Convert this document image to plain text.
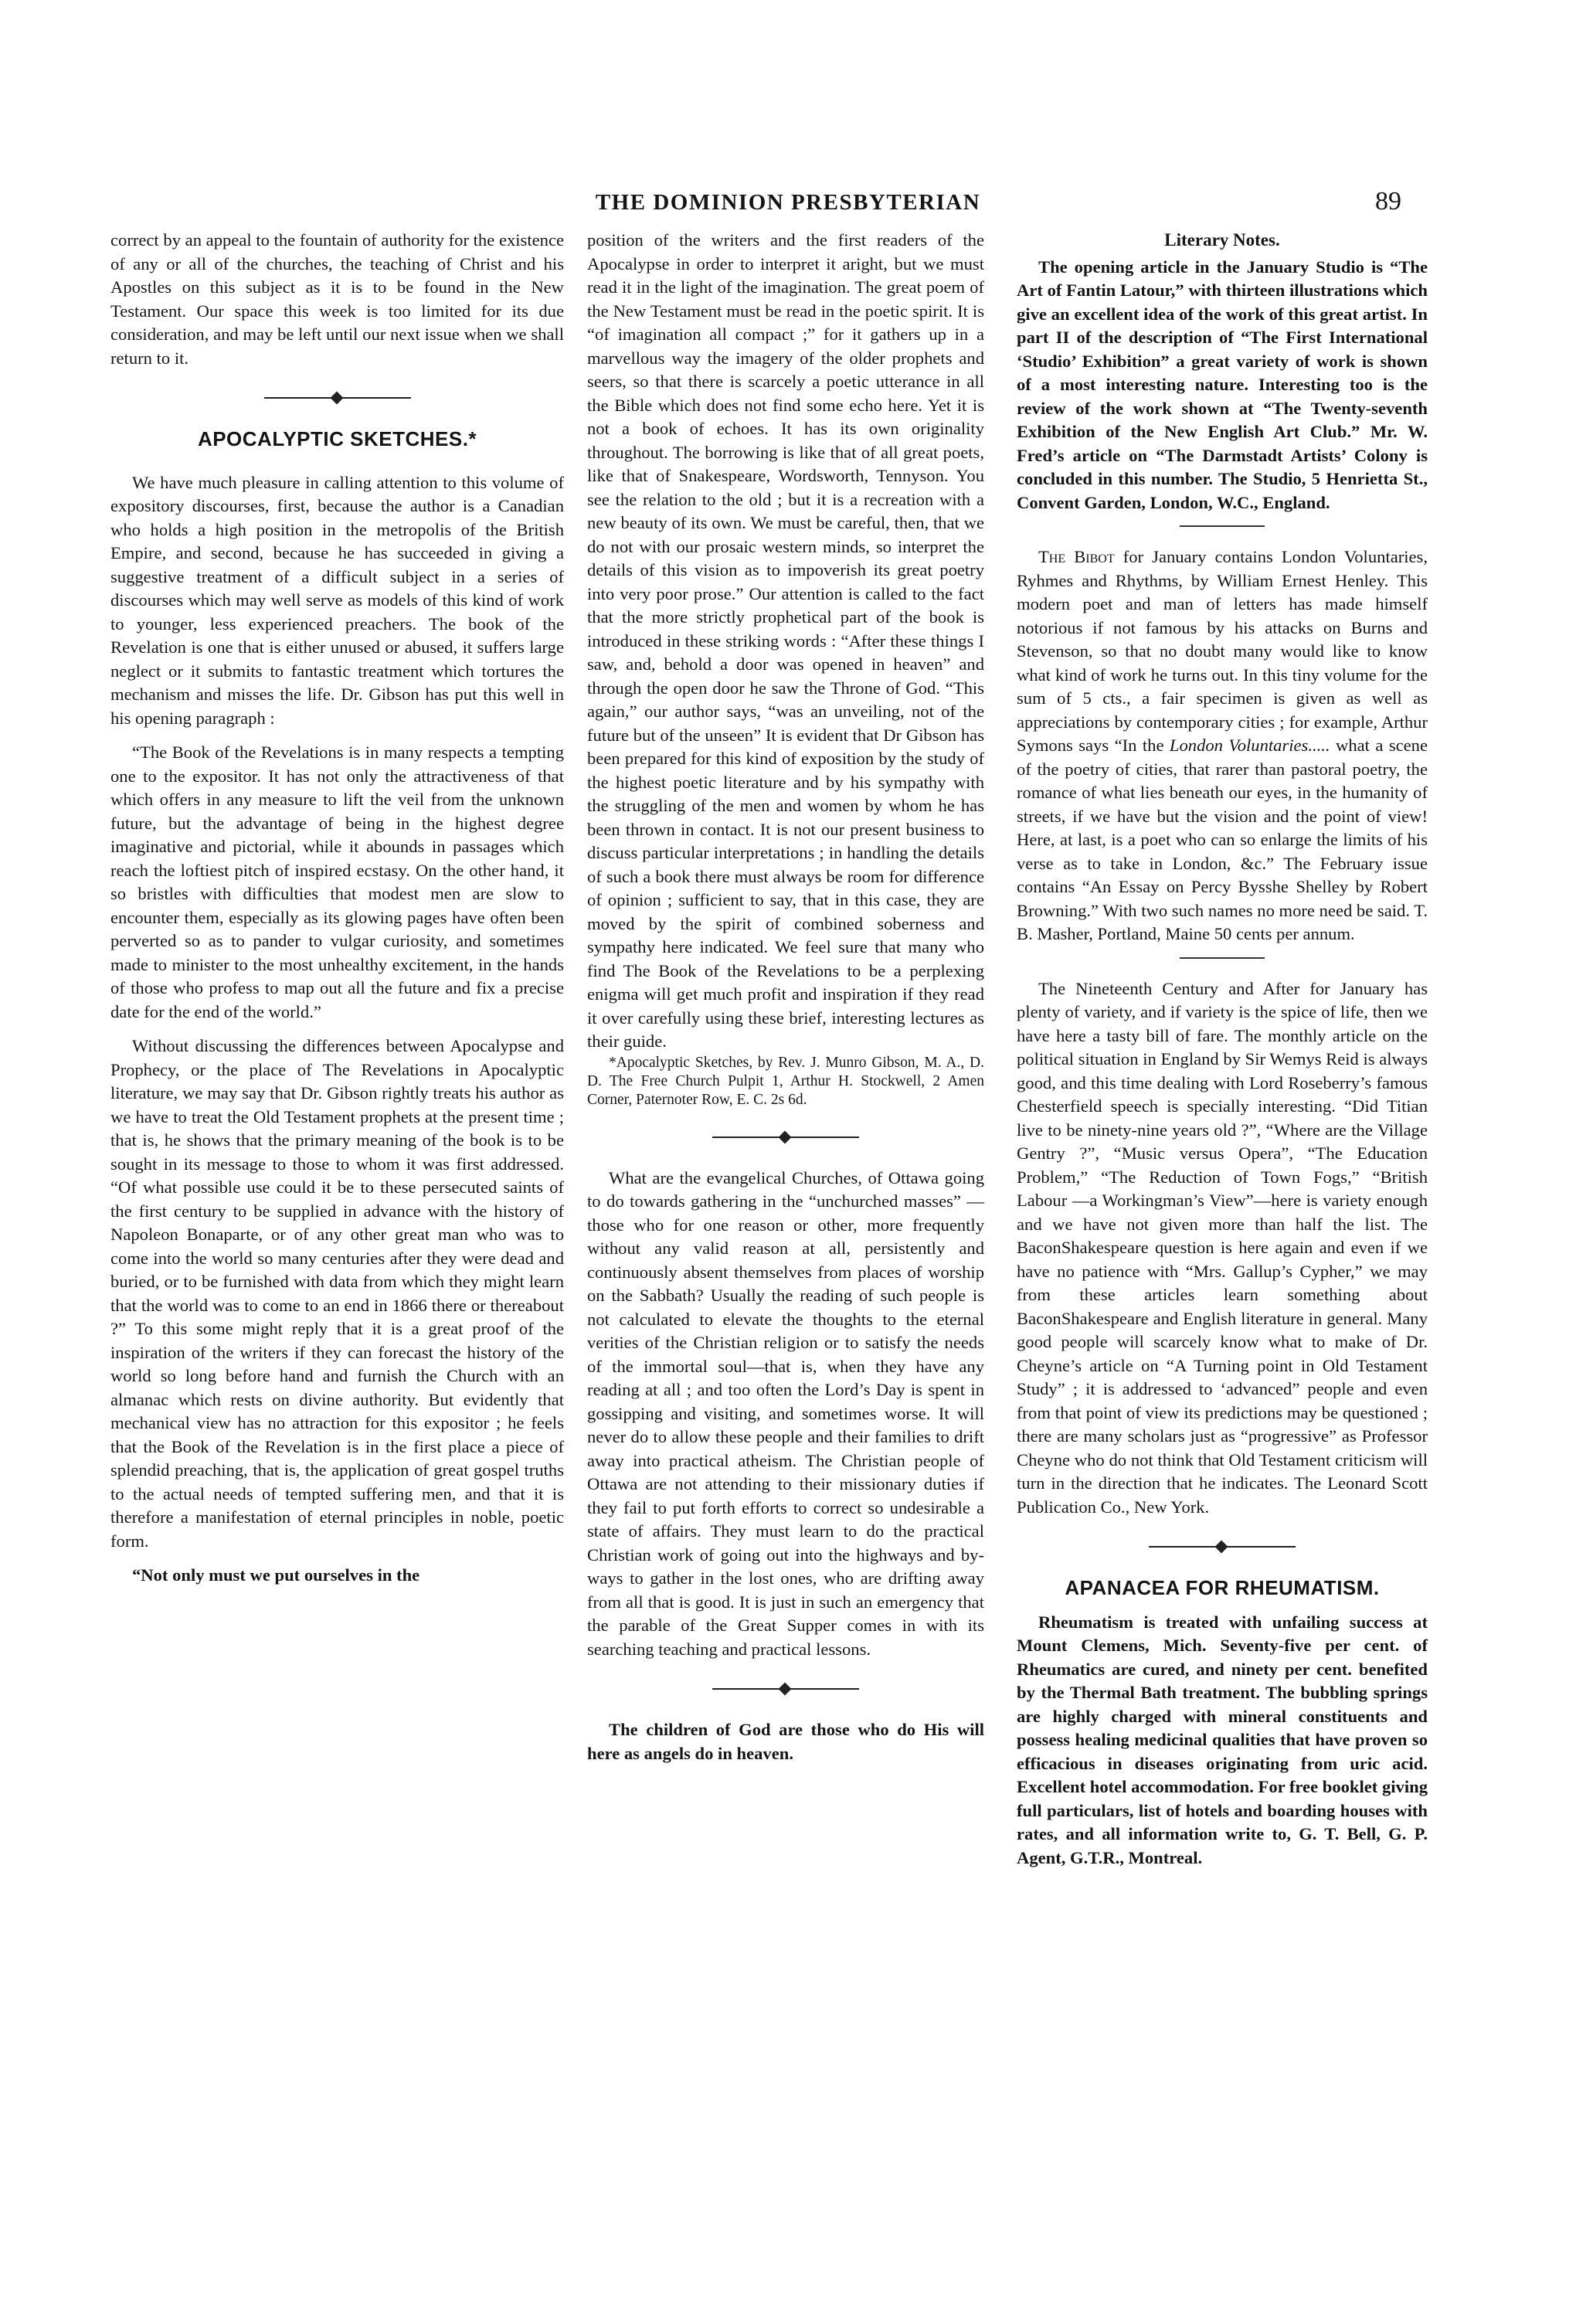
THE DOMINION PRESBYTERIAN	89

correct by an appeal to the fountain of authority for the existence of any or all of the churches, the teaching of Christ and his Apostles on this subject as it is to be found in the New Testament. Our space this week is too limited for its due consideration, and may be left until our next issue when we shall return to it.

APOCALYPTIC SKETCHES.*

We have much pleasure in calling attention to this volume of expository discourses, first, because the author is a Canadian who holds a high position in the metropolis of the British Empire, and second, because he has succeeded in giving a suggestive treatment of a difficult subject in a series of discourses which may well serve as models of this kind of work to younger, less experienced preachers. The book of the Revelation is one that is either unused or abused, it suffers large neglect or it submits to fantastic treatment which tortures the mechanism and misses the life. Dr. Gibson has put this well in his opening paragraph :

“The Book of the Revelations is in many respects a tempting one to the expositor. It has not only the attractiveness of that which offers in any measure to lift the veil from the unknown future, but the advantage of being in the highest degree imaginative and pictorial, while it abounds in passages which reach the loftiest pitch of inspired ecstasy. On the other hand, it so bristles with difficulties that modest men are slow to encounter them, especially as its glowing pages have often been perverted so as to pander to vulgar curiosity, and sometimes made to minister to the most unhealthy excitement, in the hands of those who profess to map out all the future and fix a precise date for the end of the world.”

Without discussing the differences between Apocalypse and Prophecy, or the place of The Revelations in Apocalyptic literature, we may say that Dr. Gibson rightly treats his author as we have to treat the Old Testament prophets at the present time ; that is, he shows that the primary meaning of the book is to be sought in its message to those to whom it was first addressed. “Of what possible use could it be to these persecuted saints of the first century to be supplied in advance with the history of Napoleon Bonaparte, or of any other great man who was to come into the world so many centuries after they were dead and buried, or to be furnished with data from which they might learn that the world was to come to an end in 1866 there or thereabout ?” To this some might reply that it is a great proof of the inspiration of the writers if they can forecast the history of the world so long before hand and furnish the Church with an almanac which rests on divine authority. But evidently that mechanical view has no attraction for this expositor ; he feels that the Book of the Revelation is in the first place a piece of splendid preaching, that is, the application of great gospel truths to the actual needs of tempted suffering men, and that it is therefore a manifestation of eternal principles in noble, poetic form.

“Not only must we put ourselves in the

position of the writers and the first readers of the Apocalypse in order to interpret it aright, but we must read it in the light of the imagination. The great poem of the New Testament must be read in the poetic spirit. It is “of imagination all compact ;” for it gathers up in a marvellous way the imagery of the older prophets and seers, so that there is scarcely a poetic utterance in all the Bible which does not find some echo here. Yet it is not a book of echoes. It has its own originality throughout. The borrowing is like that of all great poets, like that of Snakespeare, Wordsworth, Tennyson. You see the relation to the old ; but it is a recreation with a new beauty of its own. We must be careful, then, that we do not with our prosaic western minds, so interpret the details of this vision as to impoverish its great poetry into very poor prose.” Our attention is called to the fact that the more strictly prophetical part of the book is introduced in these striking words : “After these things I saw, and, behold a door was opened in heaven” and through the open door he saw the Throne of God. “This again,” our author says, “was an unveiling, not of the future but of the unseen” It is evident that Dr Gibson has been prepared for this kind of exposition by the study of the highest poetic literature and by his sympathy with the struggling of the men and women by whom he has been thrown in contact. It is not our present business to discuss particular interpretations ; in handling the details of such a book there must always be room for difference of opinion ; sufficient to say, that in this case, they are moved by the spirit of combined soberness and sympathy here indicated. We feel sure that many who find The Book of the Revelations to be a perplexing enigma will get much profit and inspiration if they read it over carefully using these brief, interesting lectures as their guide.

*Apocalyptic Sketches, by Rev. J. Munro Gibson, M. A., D. D. The Free Church Pulpit 1, Arthur H. Stockwell, 2 Amen Corner, Paternoter Row, E. C. 2s 6d.

What are the evangelical Churches, of Ottawa going to do towards gathering in the “unchurched masses” —those who for one reason or other, more frequently without any valid reason at all, persistently and continuously absent themselves from places of worship on the Sabbath? Usually the reading of such people is not calculated to elevate the thoughts to the eternal verities of the Christian religion or to satisfy the needs of the immortal soul—that is, when they have any reading at all ; and too often the Lord’s Day is spent in gossipping and visiting, and sometimes worse. It will never do to allow these people and their families to drift away into practical atheism. The Christian people of Ottawa are not attending to their missionary duties if they fail to put forth efforts to correct so undesirable a state of affairs. They must learn to do the practical Christian work of going out into the highways and by-ways to gather in the lost ones, who are drifting away from all that is good. It is just in such an emergency that the parable of the Great Supper comes in with its searching teaching and practical lessons.

The children of God are those who do His will here as angels do in heaven.

Literary Notes.

The opening article in the January Studio is “The Art of Fantin Latour,” with thirteen illustrations which give an excellent idea of the work of this great artist. In part II of the description of “The First International ‘Studio’ Exhibition” a great variety of work is shown of a most interesting nature. Interesting too is the review of the work shown at “The Twenty-seventh Exhibition of the New English Art Club.” Mr. W. Fred’s article on “The Darmstadt Artists’ Colony is concluded in this number. The Studio, 5 Henrietta St., Convent Garden, London, W.C., England.

The Bibot for January contains London Voluntaries, Ryhmes and Rhythms, by William Ernest Henley. This modern poet and man of letters has made himself notorious if not famous by his attacks on Burns and Stevenson, so that no doubt many would like to know what kind of work he turns out. In this tiny volume for the sum of 5 cts., a fair specimen is given as well as appreciations by contemporary cities ; for example, Arthur Symons says “In the London Voluntaries..... what a scene of the poetry of cities, that rarer than pastoral poetry, the romance of what lies beneath our eyes, in the humanity of streets, if we have but the vision and the point of view! Here, at last, is a poet who can so enlarge the limits of his verse as to take in London, &c.” The February issue contains “An Essay on Percy Bysshe Shelley by Robert Browning.” With two such names no more need be said. T. B. Masher, Portland, Maine 50 cents per annum.

The Nineteenth Century and After for January has plenty of variety, and if variety is the spice of life, then we have here a tasty bill of fare. The monthly article on the political situation in England by Sir Wemys Reid is always good, and this time dealing with Lord Roseberry’s famous Chesterfield speech is specially interesting. “Did Titian live to be ninety-nine years old ?”, “Where are the Village Gentry ?”, “Music versus Opera”, “The Education Problem,” “The Reduction of Town Fogs,” “British Labour —a Workingman’s View”—here is variety enough and we have not given more than half the list. The BaconShakespeare question is here again and even if we have no patience with “Mrs. Gallup’s Cypher,” we may from these articles learn something about BaconShakespeare and English literature in general. Many good people will scarcely know what to make of Dr. Cheyne’s article on “A Turning point in Old Testament Study” ; it is addressed to ‘advanced” people and even from that point of view its predictions may be questioned ; there are many scholars just as “progressive” as Professor Cheyne who do not think that Old Testament criticism will turn in the direction that he indicates. The Leonard Scott Publication Co., New York.

APANACEA FOR RHEUMATISM.

Rheumatism is treated with unfailing success at Mount Clemens, Mich. Seventy-five per cent. of Rheumatics are cured, and ninety per cent. benefited by the Thermal Bath treatment. The bubbling springs are highly charged with mineral constituents and possess healing medicinal qualities that have proven so efficacious in diseases originating from uric acid. Excellent hotel accommodation. For free booklet giving full particulars, list of hotels and boarding houses with rates, and all information write to, G. T. Bell, G. P. Agent, G.T.R., Montreal.
